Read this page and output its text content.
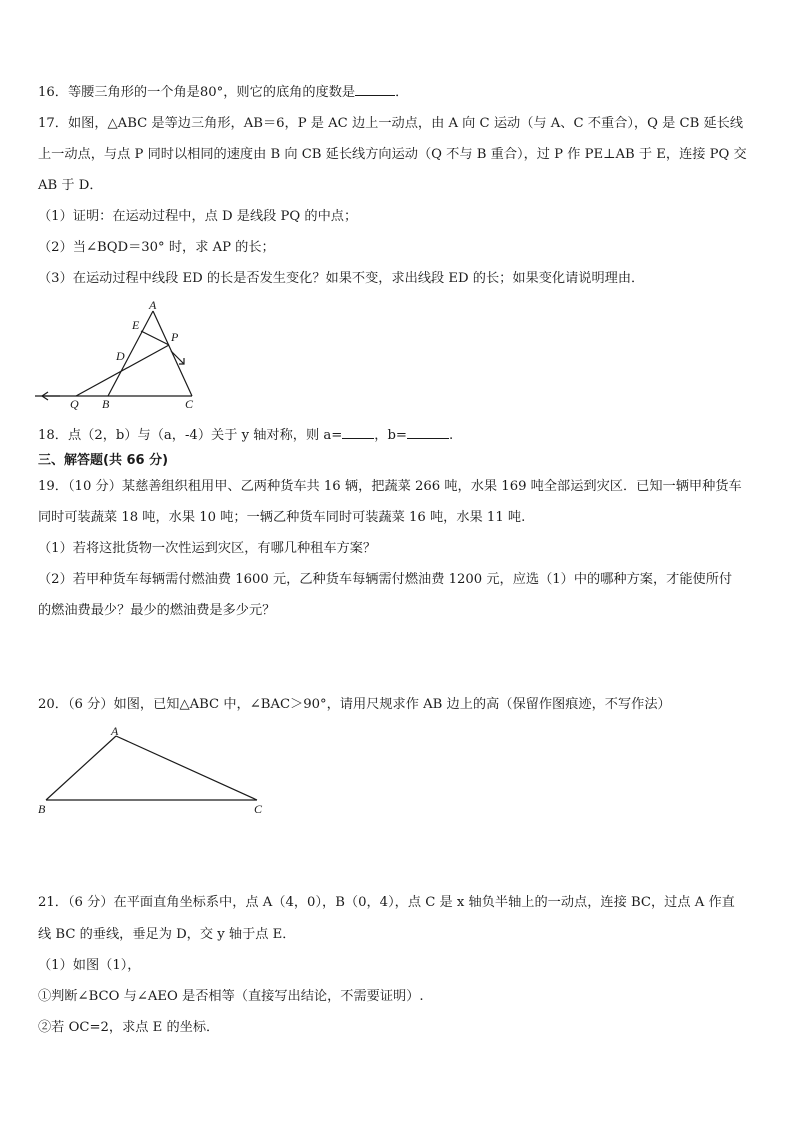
16．等腰三角形的一个角是80°，则它的底角的度数是	．
17．如图，△ABC 是等边三角形，AB＝6，P 是 AC 边上一动点，由 A 向 C 运动（与 A、C 不重合），Q 是 CB 延长线
上一动点，与点 P 同时以相同的速度由 B 向 CB 延长线方向运动（Q 不与 B 重合），过 P 作 PE⊥AB 于 E，连接 PQ 交
AB 于 D．
（1）证明：在运动过程中，点 D 是线段 PQ 的中点；
（2）当∠BQD＝30° 时，求 AP 的长；
（3）在运动过程中线段 ED 的长是否发生变化？如果不变，求出线段 ED 的长；如果变化请说明理由．
A
E
P
D
Q B	C
18．点（2，b）与（a，-4）关于 y 轴对称，则 a= ，b=	.
三、解答题(共 66 分)
19．（10 分）某慈善组织租用甲、乙两种货车共 16 辆，把蔬菜 266 吨，水果 169 吨全部运到灾区．已知一辆甲种货车
同时可装蔬菜 18 吨，水果 10 吨；一辆乙种货车同时可装蔬菜 16 吨，水果 11 吨.
（1）若将这批货物一次性运到灾区，有哪几种租车方案？
（2）若甲种货车每辆需付燃油费 1600 元，乙种货车每辆需付燃油费 1200 元，应选（1）中的哪种方案，才能使所付
的燃油费最少？最少的燃油费是多少元？
20．（6 分）如图，已知△ABC 中，∠BAC＞90°，请用尺规求作 AB 边上的高（保留作图痕迹，不写作法）
A
B	C
21．（6 分）在平面直角坐标系中，点 A（4，0），B（0，4），点 C 是 x 轴负半轴上的一动点，连接 BC，过点 A 作直
线 BC 的垂线，垂足为 D，交 y 轴于点 E．
（1）如图（1），
①判断∠BCO 与∠AEO 是否相等（直接写出结论，不需要证明）.
②若 OC=2，求点 E 的坐标．
